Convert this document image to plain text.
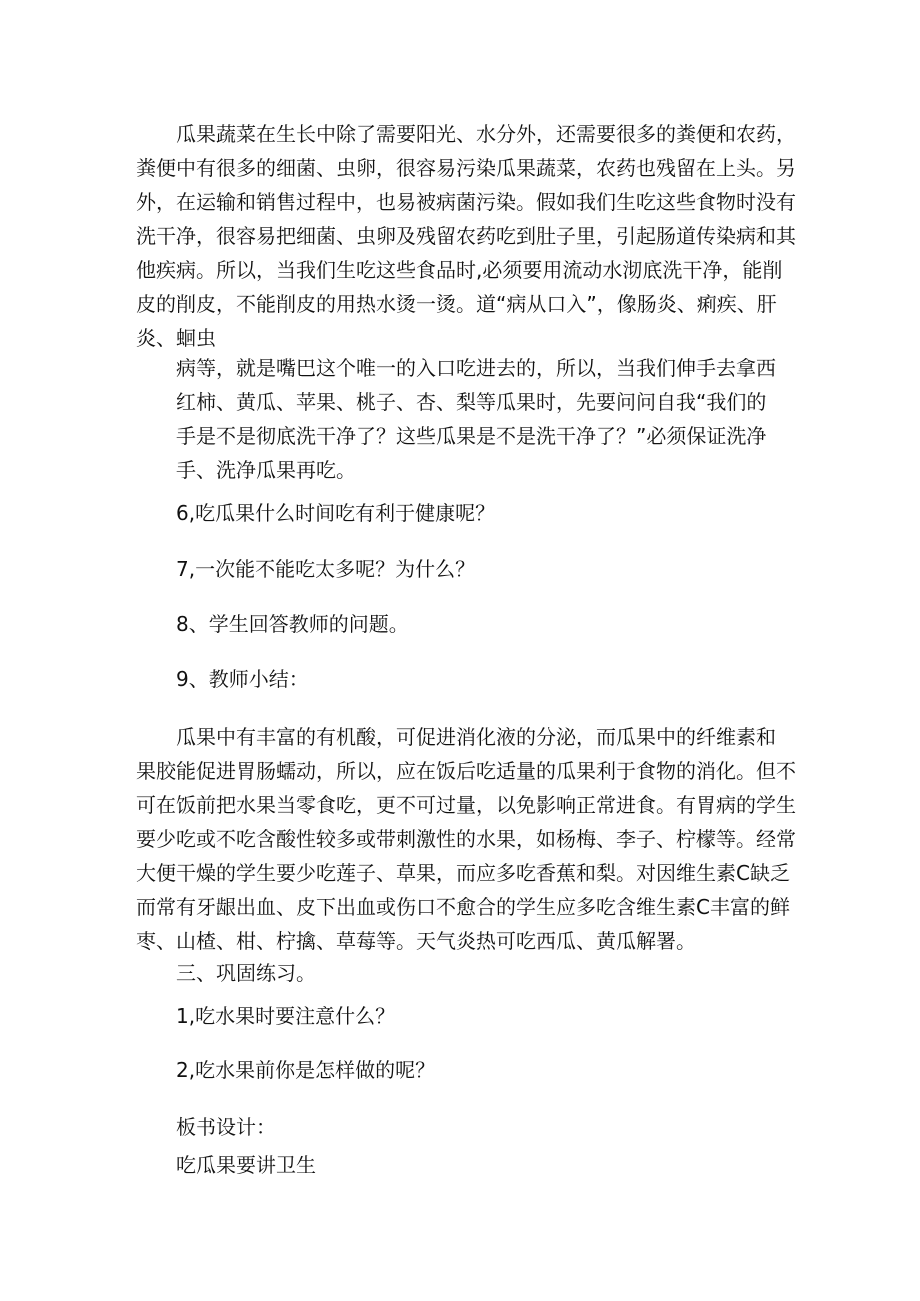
瓜果蔬菜在生长中除了需要阳光、水分外，还需要很多的粪便和农药，
粪便中有很多的细菌、虫卵，很容易污染瓜果蔬菜，农药也残留在上头。另
外，在运输和销售过程中，也易被病菌污染。假如我们生吃这些食物时没有
洗干净，很容易把细菌、虫卵及残留农药吃到肚子里，引起肠道传染病和其
他疾病。所以，当我们生吃这些食品时,必须要用流动水沏底洗干净，能削
皮的削皮，不能削皮的用热水烫一烫。道“病从口入”，像肠炎、痢疾、肝
炎、蛔虫
病等，就是嘴巴这个唯一的入口吃进去的，所以，当我们伸手去拿西
红柿、黄瓜、苹果、桃子、杏、梨等瓜果时，先要问问自我“我们的
手是不是彻底洗干净了？这些瓜果是不是洗干净了？”必须保证洗净
手、洗净瓜果再吃。
6,吃瓜果什么时间吃有利于健康呢？
7,一次能不能吃太多呢？为什么？
8、学生回答教师的问题。
9、教师小结：
瓜果中有丰富的有机酸，可促进消化液的分泌，而瓜果中的纤维素和
果胶能促进胃肠蠕动，所以，应在饭后吃适量的瓜果利于食物的消化。但不
可在饭前把水果当零食吃，更不可过量，以免影响正常进食。有胃病的学生
要少吃或不吃含酸性较多或带刺激性的水果，如杨梅、李子、柠檬等。经常
大便干燥的学生要少吃莲子、草果，而应多吃香蕉和梨。对因维生素C缺乏
而常有牙龈出血、皮下出血或伤口不愈合的学生应多吃含维生素C丰富的鲜
枣、山楂、柑、柠擒、草莓等。天气炎热可吃西瓜、黄瓜解署。
三、巩固练习。
1,吃水果时要注意什么？
2,吃水果前你是怎样做的呢？
板书设计：
吃瓜果要讲卫生
